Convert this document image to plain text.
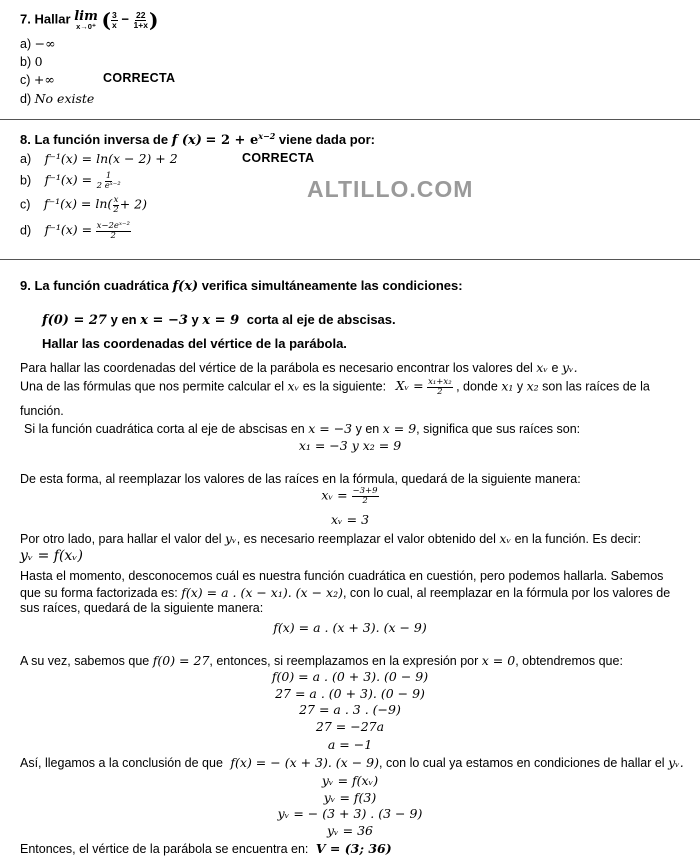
7. Hallar lim
x→0⁺ ( $\frac{3}{x} - \frac{22}{1+x}$ )
a) −∞
b) 0
c) +∞	CORRECTA
d) No existe
8. La función inversa de f $(x) = 2 + e^{x-2}$ viene dada por:
a) f⁻¹(x) = ln(x − 2) + 2	CORRECTA
b) $f^{-1}(x) = \frac{1}{\text{2 eˣ⁻²}}$	ALTILLO.COM
c) $f^{-1}(x) = \ln( \frac{x}{2} + 2)$
d) $f^{-1}(x) = \frac{\text{x−2eˣ⁻²}}{2}$
9. La función cuadrática f(x) verifica simultáneamente las condiciones:
f(0) = 27 y en x = −3 y x = 9 corta al eje de abscisas.
Hallar las coordenadas del vértice de la parábola.
Para hallar las coordenadas del vértice de la parábola es necesario encontrar los valores del xᵥ e yᵥ.
Una de las fórmulas que nos permite calcular el xᵥ es la siguiente: Xᵥ = $\frac{\text{x₁+x₂}}{2}$ , donde x₁ y x₂ son las raíces de la
función.
Si la función cuadrática corta al eje de abscisas en x = −3 y en x = 9, significa que sus raíces son:
x₁ = −3 y x₂ = 9
De esta forma, al reemplazar los valores de las raíces en la fórmula, quedará de la siguiente manera:
xᵥ = $\frac{-3+9}{2}$
xᵥ = 3
Por otro lado, para hallar el valor del yᵥ, es necesario reemplazar el valor obtenido del xᵥ en la función. Es decir:
yᵥ = f(xᵥ)
Hasta el momento, desconocemos cuál es nuestra función cuadrática en cuestión, pero podemos hallarla. Sabemos
que su forma factorizada es: f(x) = a . (x − x₁). (x − x₂), con lo cual, al reemplazar en la fórmula por los valores de
sus raíces, quedará de la siguiente manera:
f(x) = a . (x + 3). (x − 9)
A su vez, sabemos que f(0) = 27, entonces, si reemplazamos en la expresión por x = 0, obtendremos que:
f(0) = a . (0 + 3). (0 − 9)
27 = a . (0 + 3). (0 − 9)
27 = a . 3 . (−9)
27 = −27a
a = −1
Así, llegamos a la conclusión de que f(x) = − (x + 3). (x − 9), con lo cual ya estamos en condiciones de hallar el yᵥ.
yᵥ = f(xᵥ)
yᵥ = f(3)
yᵥ = − (3 + 3) . (3 − 9)
yᵥ = 36
Entonces, el vértice de la parábola se encuentra en: V = (3; 36)
